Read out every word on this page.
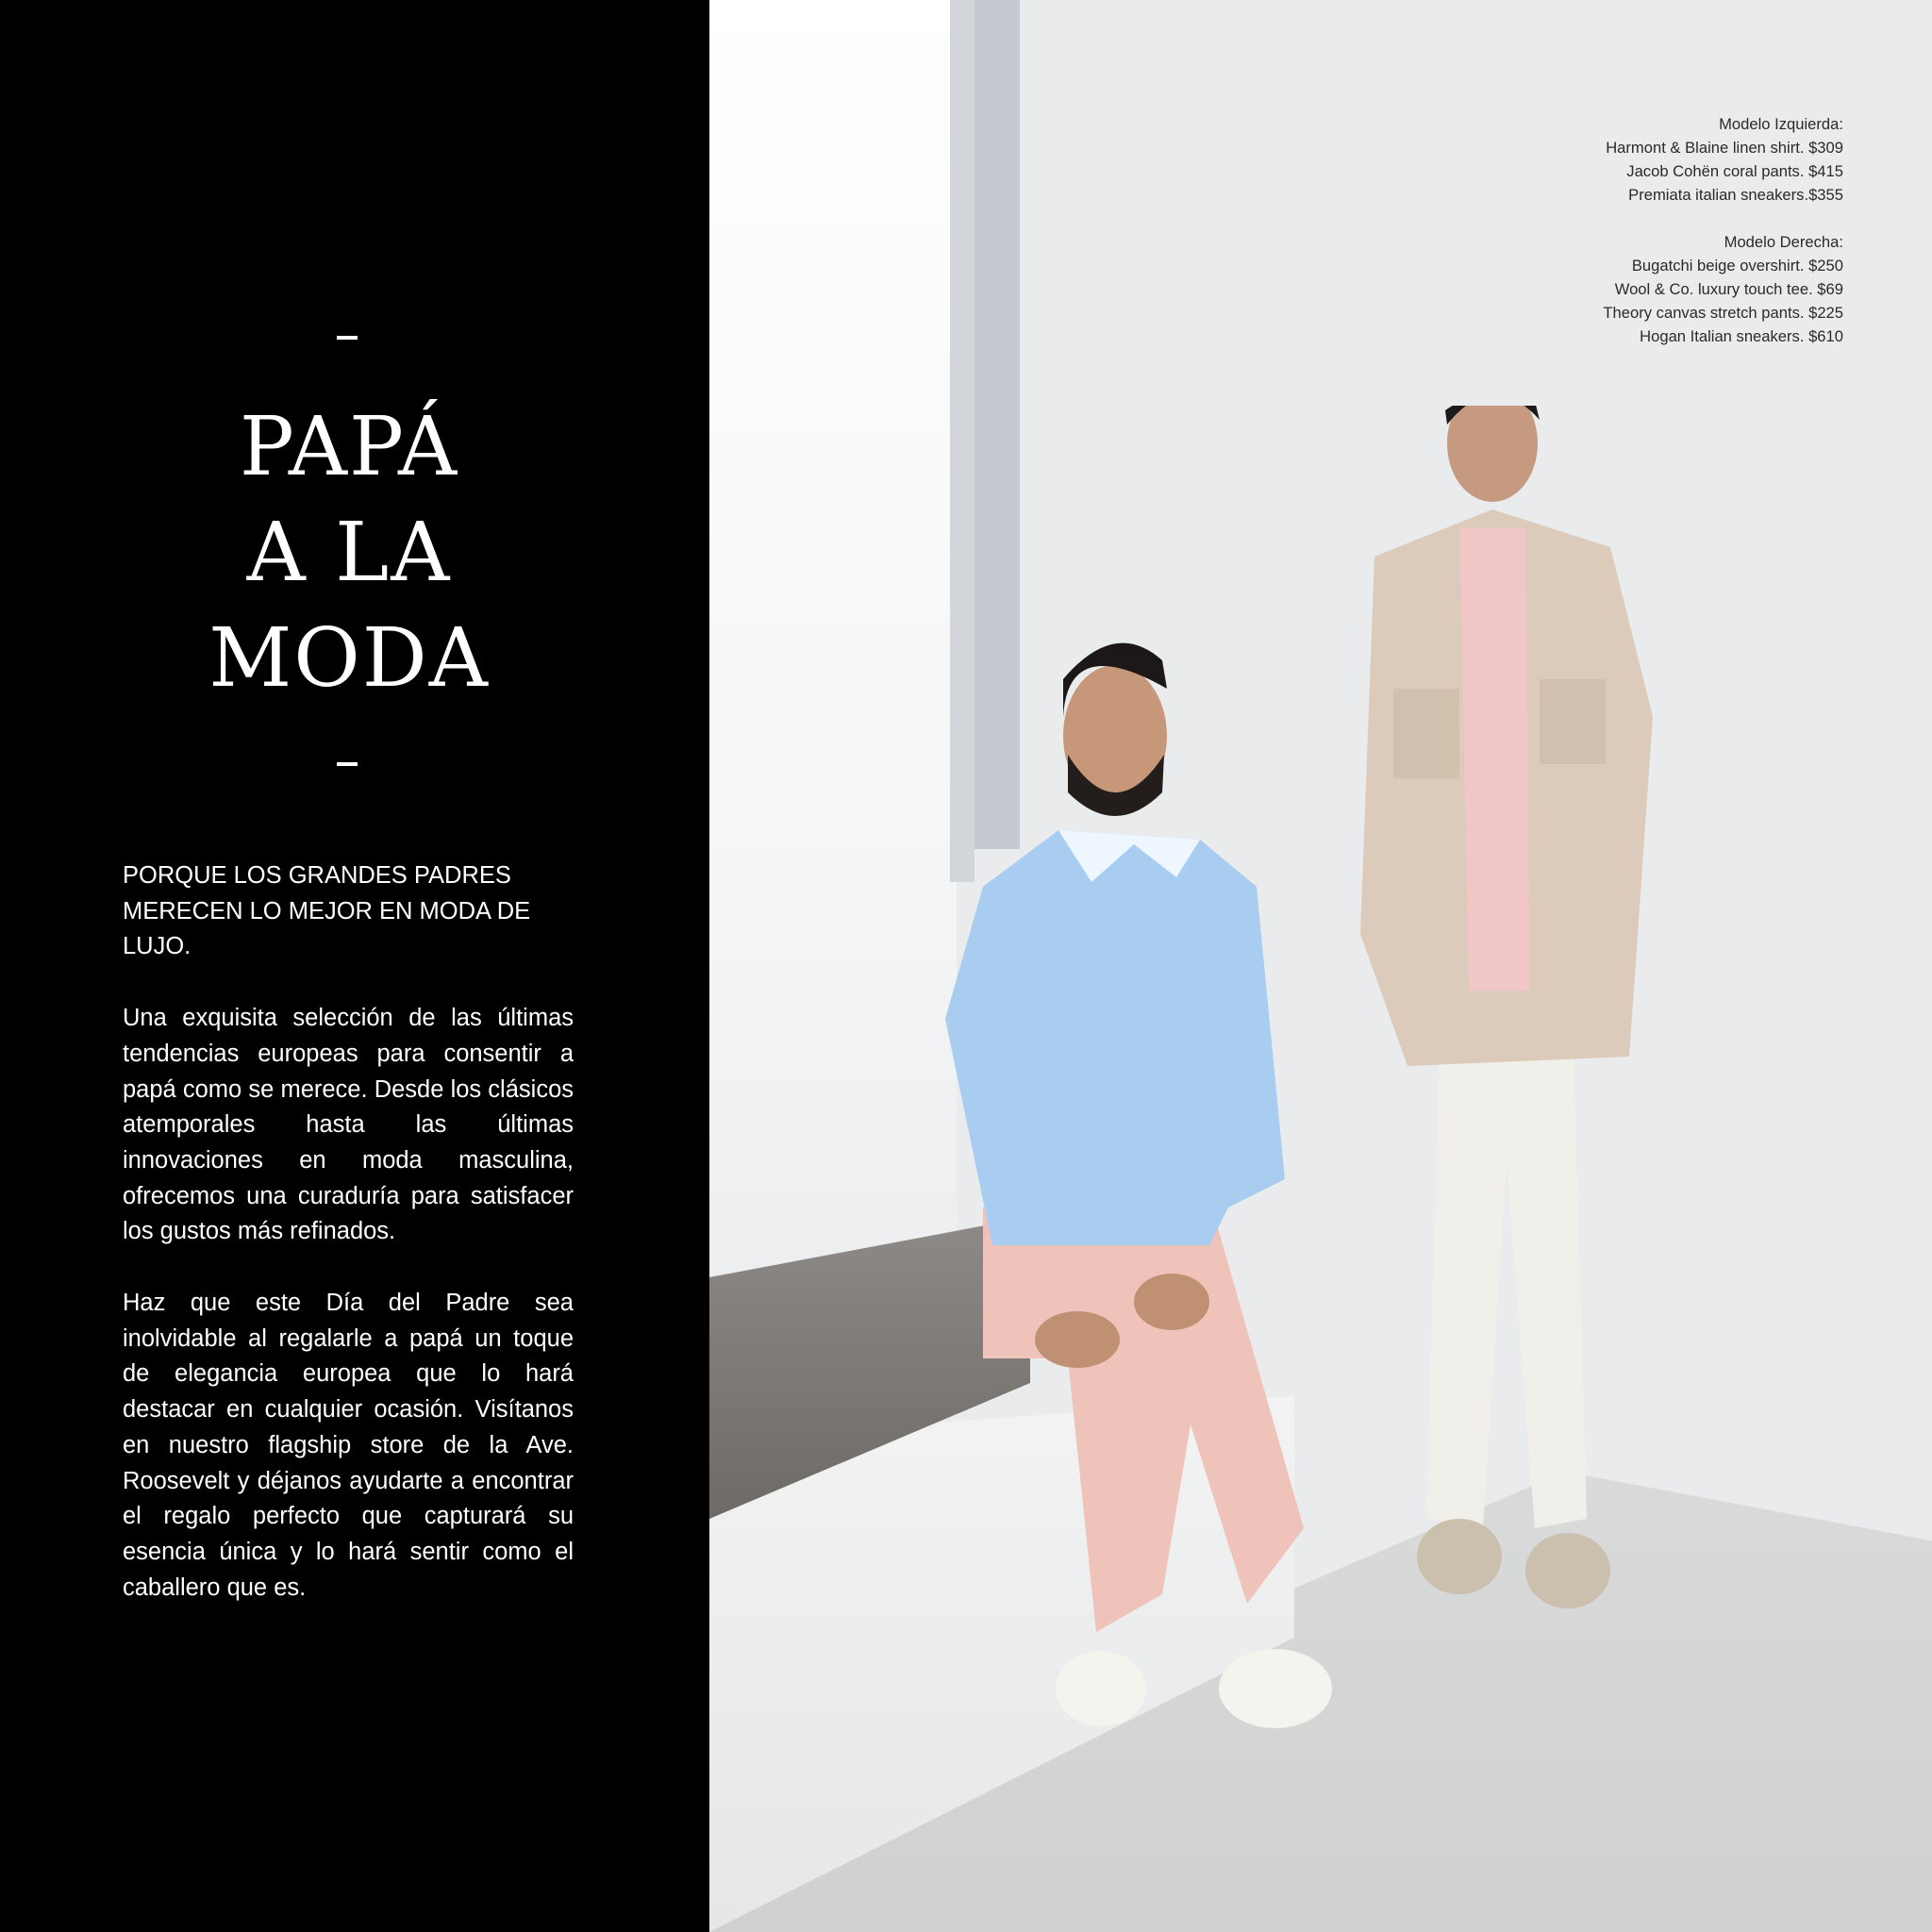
PAPÁ
A LA
MODA

PORQUE LOS GRANDES PADRES MERECEN LO MEJOR EN MODA DE LUJO.

Una exquisita selección de las últimas tendencias europeas para consentir a papá como se merece. Desde los clásicos atemporales hasta las últimas innovaciones en moda masculina, ofrecemos una curaduría para satisfacer los gustos más refinados.

Haz que este Día del Padre sea inolvidable al regalarle a papá un toque de elegancia europea que lo hará destacar en cualquier ocasión. Visítanos en nuestro flagship store de la Ave. Roosevelt y déjanos ayudarte a encontrar el regalo perfecto que capturará su esencia única y lo hará sentir como el caballero que es.

Modelo Izquierda:
Harmont & Blaine linen shirt. $309
Jacob Cohën coral pants. $415
Premiata italian sneakers.$355
Modelo Derecha:
Bugatchi beige overshirt. $250
Wool & Co. luxury touch tee. $69
Theory canvas stretch pants. $225
Hogan Italian sneakers. $610
